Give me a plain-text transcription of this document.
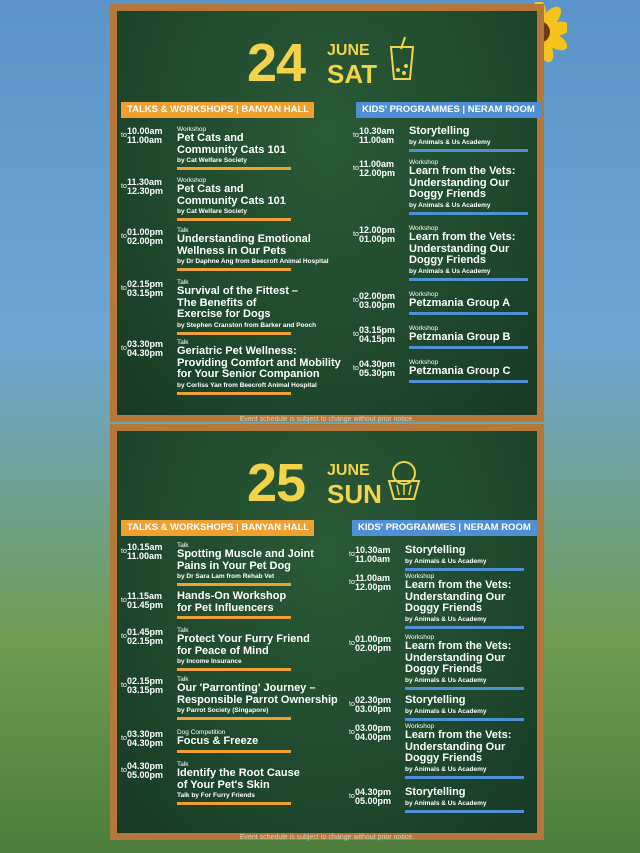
24 JUNE
SAT
TALKS & WORKSHOPS | BANYAN HALL	KIDS' PROGRAMMES | NERAM ROOM
10.00am
to 11.00am
Workshop
Pet Cats and
Community Cats 101
by Cat Welfare Society
11.30am
to 12.30pm
Workshop
Pet Cats and
Community Cats 101
by Cat Welfare Society
01.00pm
to 02.00pm
Talk
Understanding Emotional
Wellness in Our Pets
by Dr Daphne Ang from Beecroft Animal Hospital
02.15pm
to 03.15pm
Talk
Survival of the Fittest –
The Benefits of
Exercise for Dogs
by Stephen Cranston from Barker and Pooch
03.30pm
to 04.30pm
Talk
Geriatric Pet Wellness:
Providing Comfort and Mobility
for Your Senior Companion
by Corliss Yan from Beecroft Animal Hospital
10.30am
to 11.00am
Storytelling
by Animals & Us Academy
11.00am
to 12.00pm
Workshop
Learn from the Vets:
Understanding Our
Doggy Friends
by Animals & Us Academy
12.00pm
to 01.00pm
Workshop
Learn from the Vets:
Understanding Our
Doggy Friends
by Animals & Us Academy
02.00pm
to 03.00pm
Workshop
Petzmania Group A
03.15pm
to 04.15pm
Workshop
Petzmania Group B
04.30pm
to 05.30pm
Workshop
Petzmania Group C
Event schedule is subject to change without prior notice.
25 JUNE
SUN
TALKS & WORKSHOPS | BANYAN HALL	KIDS' PROGRAMMES | NERAM ROOM
10.15am
to 11.00am
Talk
Spotting Muscle and Joint
Pains in Your Pet Dog
by Dr Sara Lam from Rehab Vet
11.15am
to 01.45pm
Hands-On Workshop
for Pet Influencers
01.45pm
to 02.15pm
Talk
Protect Your Furry Friend
for Peace of Mind
by Income Insurance
02.15pm
to 03.15pm
Talk
Our 'Parronting' Journey –
Responsible Parrot Ownership
by Parrot Society (Singapore)
03.30pm
to 04.30pm
Dog Competition
Focus & Freeze
04.30pm
to 05.00pm
Talk
Identify the Root Cause
of Your Pet's Skin
Talk by For Furry Friends
10.30am
to 11.00am
Storytelling
by Animals & Us Academy
11.00am
to 12.00pm
Workshop
Learn from the Vets:
Understanding Our
Doggy Friends
by Animals & Us Academy
01.00pm
to 02.00pm
Workshop
Learn from the Vets:
Understanding Our
Doggy Friends
by Animals & Us Academy
02.30pm
to 03.00pm
Storytelling
by Animals & Us Academy
03.00pm
to 04.00pm
Workshop
Learn from the Vets:
Understanding Our
Doggy Friends
by Animals & Us Academy
04.30pm
to 05.00pm
Storytelling
by Animals & Us Academy
Event schedule is subject to change without prior notice.
